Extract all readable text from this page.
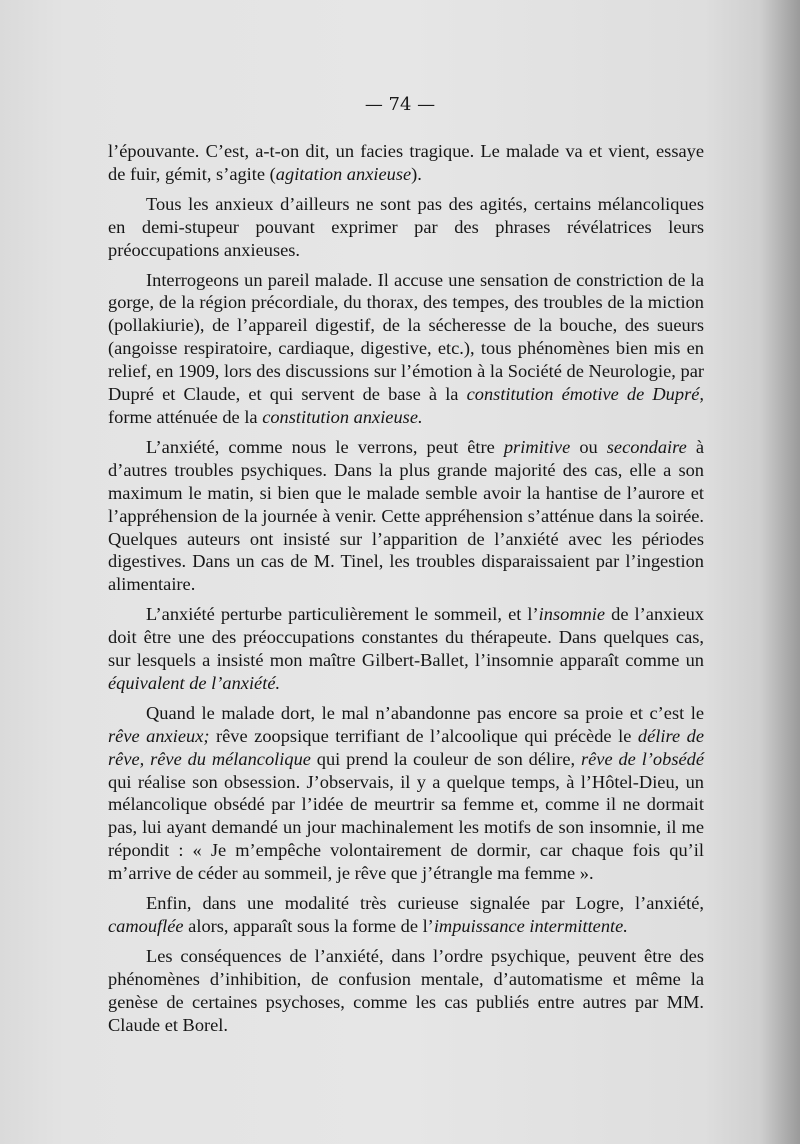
— 74 —

l’épouvante. C’est, a-t-on dit, un facies tragique. Le malade va et vient, essaye de fuir, gémit, s’agite (agitation anxieuse).

Tous les anxieux d’ailleurs ne sont pas des agités, certains mélancoliques en demi-stupeur pouvant exprimer par des phrases révélatrices leurs préoccupations anxieuses.

Interrogeons un pareil malade. Il accuse une sensation de constriction de la gorge, de la région précordiale, du thorax, des tempes, des troubles de la miction (pollakiurie), de l’appareil digestif, de la sécheresse de la bouche, des sueurs (angoisse respiratoire, cardiaque, digestive, etc.), tous phénomènes bien mis en relief, en 1909, lors des discussions sur l’émotion à la Société de Neurologie, par Dupré et Claude, et qui servent de base à la constitution émotive de Dupré, forme atténuée de la constitution anxieuse.

L’anxiété, comme nous le verrons, peut être primitive ou secondaire à d’autres troubles psychiques. Dans la plus grande majorité des cas, elle a son maximum le matin, si bien que le malade semble avoir la hantise de l’aurore et l’appréhension de la journée à venir. Cette appréhension s’atténue dans la soirée. Quelques auteurs ont insisté sur l’apparition de l’anxiété avec les périodes digestives. Dans un cas de M. Tinel, les troubles disparaissaient par l’ingestion alimentaire.

L’anxiété perturbe particulièrement le sommeil, et l’insomnie de l’anxieux doit être une des préoccupations constantes du thérapeute. Dans quelques cas, sur lesquels a insisté mon maître Gilbert-Ballet, l’insomnie apparaît comme un équivalent de l’anxiété.

Quand le malade dort, le mal n’abandonne pas encore sa proie et c’est le rêve anxieux; rêve zoopsique terrifiant de l’alcoolique qui précède le délire de rêve, rêve du mélancolique qui prend la couleur de son délire, rêve de l’obsédé qui réalise son obsession. J’observais, il y a quelque temps, à l’Hôtel-Dieu, un mélancolique obsédé par l’idée de meurtrir sa femme et, comme il ne dormait pas, lui ayant demandé un jour machinalement les motifs de son insomnie, il me répondit : « Je m’empêche volontairement de dormir, car chaque fois qu’il m’arrive de céder au sommeil, je rêve que j’étrangle ma femme ».

Enfin, dans une modalité très curieuse signalée par Logre, l’anxiété, camouflée alors, apparaît sous la forme de l’impuissance intermittente.

Les conséquences de l’anxiété, dans l’ordre psychique, peuvent être des phénomènes d’inhibition, de confusion mentale, d’automatisme et même la genèse de certaines psychoses, comme les cas publiés entre autres par MM. Claude et Borel.
